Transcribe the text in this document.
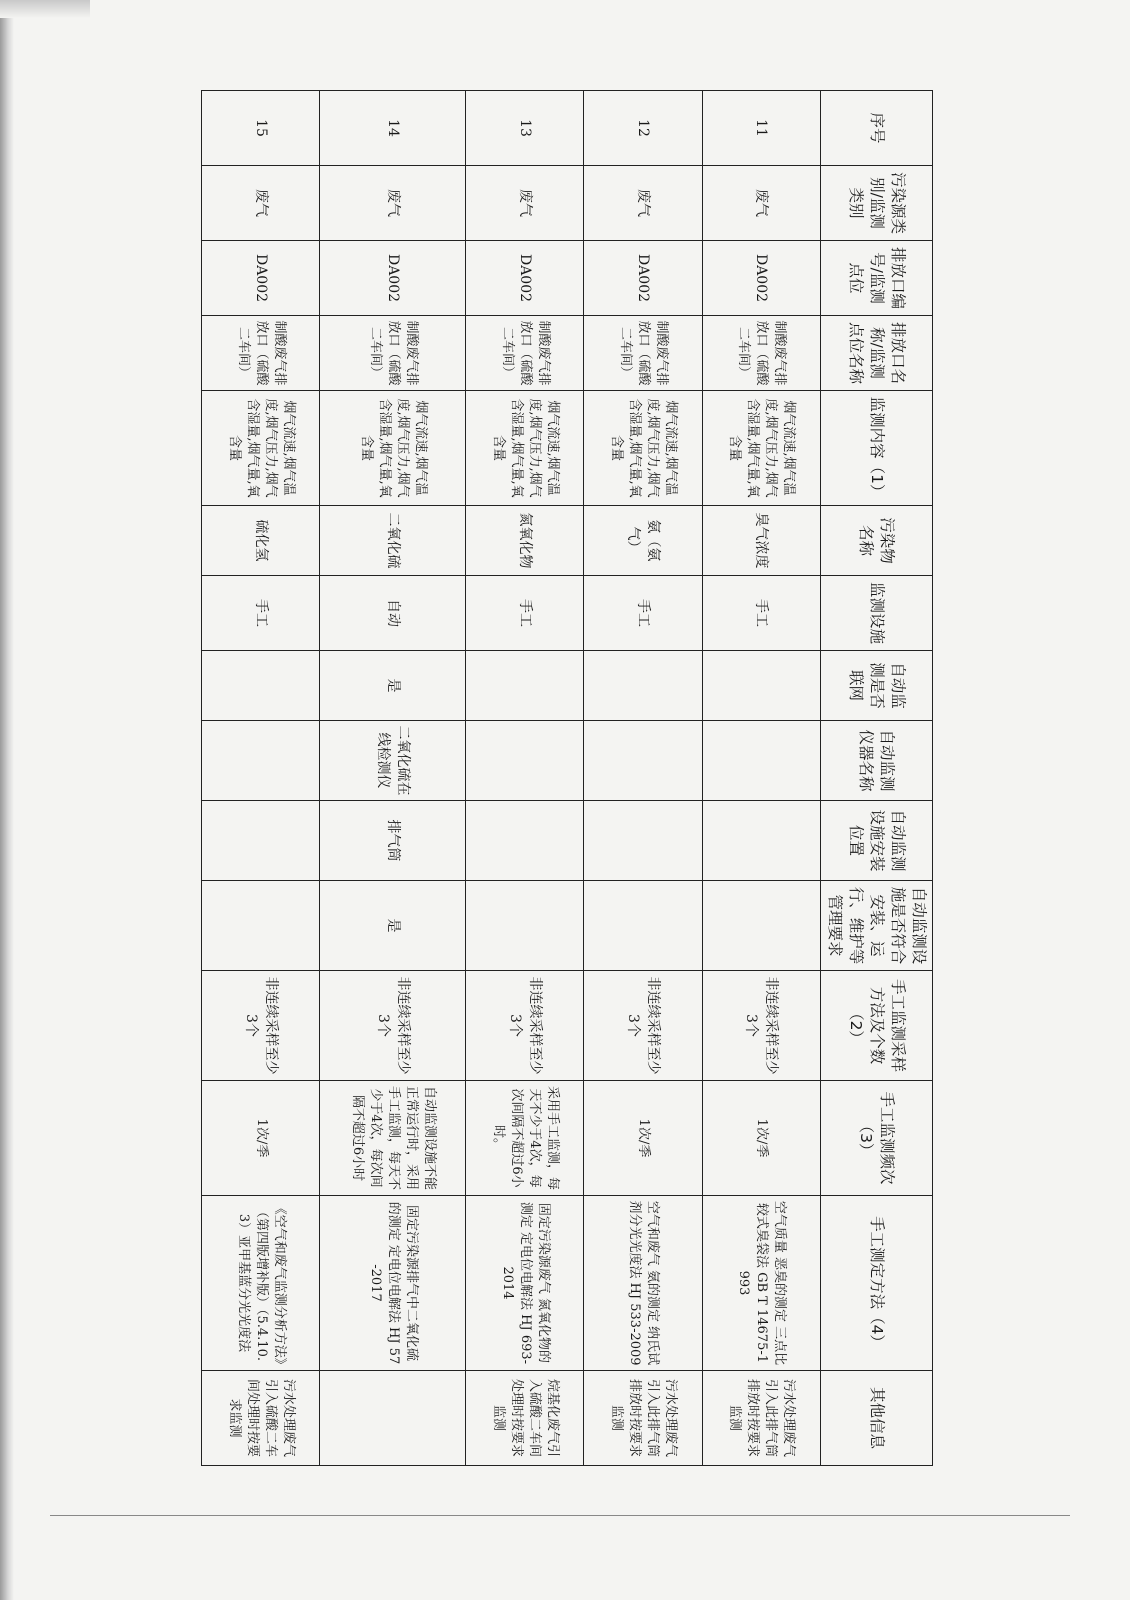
序号	污染源类别/监测类别	排放口编号/监测点位	排放口名称/监测点位名称	监测内容（1）	污染物名称	监测设施	自动监测是否联网	自动监测仪器名称	自动监测设施安装位置	自动监测设施是否符合安装、运行、维护等管理要求	手工监测采样方法及个数（2）	手工监测频次（3）	手工测定方法（4）	其他信息
11	废气	DA002	制酸废气排放口（硫酸二车间）	烟气流速,烟气温度,烟气压力,烟气含湿量,烟气量,氧含量	臭气浓度	手工					非连续采样至少3个	1次/季	空气质量 恶臭的测定 三点比较式臭袋法 GB T 14675-1993	污水处理废气引入此排气筒排放时按要求监测
12	废气	DA002	制酸废气排放口（硫酸二车间）	烟气流速,烟气温度,烟气压力,烟气含湿量,烟气量,氧含量	氨（氨气）	手工					非连续采样至少3个	1次/季	空气和废气 氨的测定 纳氏试剂分光光度法 HJ 533-2009	污水处理废气引入此排气筒排放时按要求监测
13	废气	DA002	制酸废气排放口（硫酸二车间）	烟气流速,烟气温度,烟气压力,烟气含湿量,烟气量,氧含量	氮氧化物	手工					非连续采样至少3个	采用手工监测，每天不少于4次，每次间隔不超过6小时。	固定污染源废气 氮氧化物的测定 定电位电解法 HJ 693-2014	烷基化废气引入硫酸二车间处理时按要求监测
14	废气	DA002	制酸废气排放口（硫酸二车间）	烟气流速,烟气温度,烟气压力,烟气含湿量,烟气量,氧含量	二氧化硫	自动	是	二氧化硫在线检测仪	排气筒	是	非连续采样至少3个	自动监测设施不能正常运行时，采用手工监测，每天不少于4次，每次间隔不超过6小时	固定污染源排气中二氧化硫的测定 定电位电解法 HJ 57-2017	
15	废气	DA002	制酸废气排放口（硫酸二车间）	烟气流速,烟气温度,烟气压力,烟气含湿量,烟气量,氧含量	硫化氢	手工					非连续采样至少3个	1次/季	《空气和废气监测分析方法》（第四版增补版）（5.4.10.3）亚甲基蓝分光光度法	污水处理废气引入硫酸二车间处理时按要求监测
